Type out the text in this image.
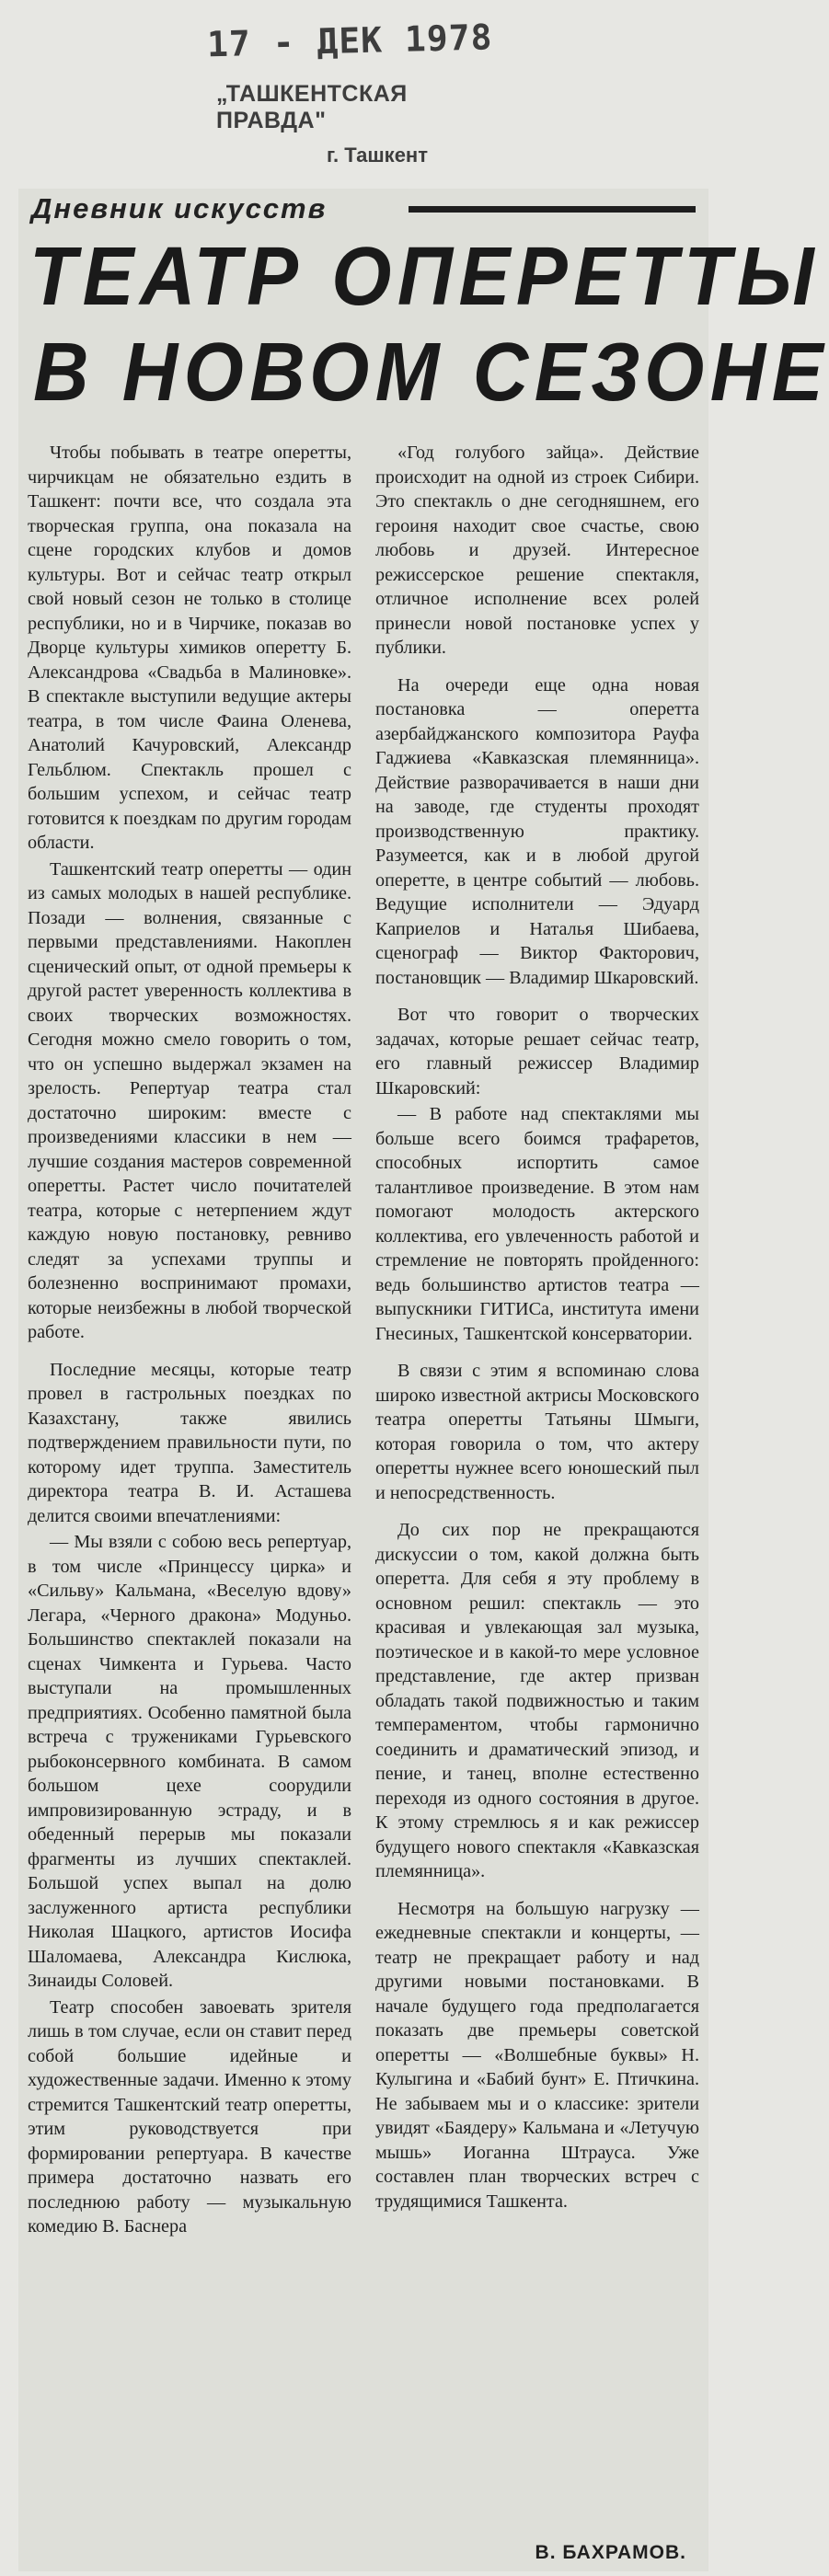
17 - ДЕК 1978
„ТАШКЕНТСКАЯ ПРАВДА"
г. Ташкент
Дневник искусств
ТЕАТР ОПЕРЕТТЫ
В НОВОМ СЕЗОНЕ

Чтобы побывать в театре оперетты, чирчикцам не обязательно ездить в Ташкент: почти все, что создала эта творческая группа, она показала на сцене городских клубов и домов культуры. Вот и сейчас театр открыл свой новый сезон не только в столице республики, но и в Чирчике, показав во Дворце культуры химиков оперетту Б. Александрова «Свадьба в Малиновке». В спектакле выступили ведущие актеры театра, в том числе Фаина Оленева, Анатолий Качуровский, Александр Гельблюм. Спектакль прошел с большим успехом, и сейчас театр готовится к поездкам по другим городам области.

Ташкентский театр оперетты — один из самых молодых в нашей республике. Позади — волнения, связанные с первыми представлениями. Накоплен сценический опыт, от одной премьеры к другой растет уверенность коллектива в своих творческих возможностях. Сегодня можно смело говорить о том, что он успешно выдержал экзамен на зрелость. Репертуар театра стал достаточно широким: вместе с произведениями классики в нем — лучшие создания мастеров современной оперетты. Растет число почитателей театра, которые с нетерпением ждут каждую новую постановку, ревниво следят за успехами труппы и болезненно воспринимают промахи, которые неизбежны в любой творческой работе.

Последние месяцы, которые театр провел в гастрольных поездках по Казахстану, также явились подтверждением правильности пути, по которому идет труппа. Заместитель директора театра В. И. Асташева делится своими впечатлениями:

— Мы взяли с собою весь репертуар, в том числе «Принцессу цирка» и «Сильву» Кальмана, «Веселую вдову» Легара, «Черного дракона» Модуньо. Большинство спектаклей показали на сценах Чимкента и Гурьева. Часто выступали на промышленных предприятиях. Особенно памятной была встреча с тружениками Гурьевского рыбоконсервного комбината. В самом большом цехе соорудили импровизированную эстраду, и в обеденный перерыв мы показали фрагменты из лучших спектаклей. Большой успех выпал на долю заслуженного артиста республики Николая Шацкого, артистов Иосифа Шаломаева, Александра Кислюка, Зинаиды Соловей.

Театр способен завоевать зрителя лишь в том случае, если он ставит перед собой большие идейные и художественные задачи. Именно к этому стремится Ташкентский театр оперетты, этим руководствуется при формировании репертуара. В качестве примера достаточно назвать его последнюю работу — музыкальную комедию В. Баснера

«Год голубого зайца». Действие происходит на одной из строек Сибири. Это спектакль о дне сегодняшнем, его героиня находит свое счастье, свою любовь и друзей. Интересное режиссерское решение спектакля, отличное исполнение всех ролей принесли новой постановке успех у публики.

На очереди еще одна новая постановка — оперетта азербайджанского композитора Рауфа Гаджиева «Кавказская племянница». Действие разворачивается в наши дни на заводе, где студенты проходят производственную практику. Разумеется, как и в любой другой оперетте, в центре событий — любовь. Ведущие исполнители — Эдуард Каприелов и Наталья Шибаева, сценограф — Виктор Факторович, постановщик — Владимир Шкаровский.

Вот что говорит о творческих задачах, которые решает сейчас театр, его главный режиссер Владимир Шкаровский:

— В работе над спектаклями мы больше всего боимся трафаретов, способных испортить самое талантливое произведение. В этом нам помогают молодость актерского коллектива, его увлеченность работой и стремление не повторять пройденного: ведь большинство артистов театра — выпускники ГИТИСа, института имени Гнесиных, Ташкентской консерватории.

В связи с этим я вспоминаю слова широко известной актрисы Московского театра оперетты Татьяны Шмыги, которая говорила о том, что актеру оперетты нужнее всего юношеский пыл и непосредственность.

До сих пор не прекращаются дискуссии о том, какой должна быть оперетта. Для себя я эту проблему в основном решил: спектакль — это красивая и увлекающая зал музыка, поэтическое и в какой-то мере условное представление, где актер призван обладать такой подвижностью и таким темпераментом, чтобы гармонично соединить и драматический эпизод, и пение, и танец, вполне естественно переходя из одного состояния в другое. К этому стремлюсь я и как режиссер будущего нового спектакля «Кавказская племянница».

Несмотря на большую нагрузку — ежедневные спектакли и концерты, — театр не прекращает работу и над другими новыми постановками. В начале будущего года предполагается показать две премьеры советской оперетты — «Волшебные буквы» Н. Кулыгина и «Бабий бунт» Е. Птичкина. Не забываем мы и о классике: зрители увидят «Баядеру» Кальмана и «Летучую мышь» Иоганна Штрауса. Уже составлен план творческих встреч с трудящимися Ташкента.

В. БАХРАМОВ.
